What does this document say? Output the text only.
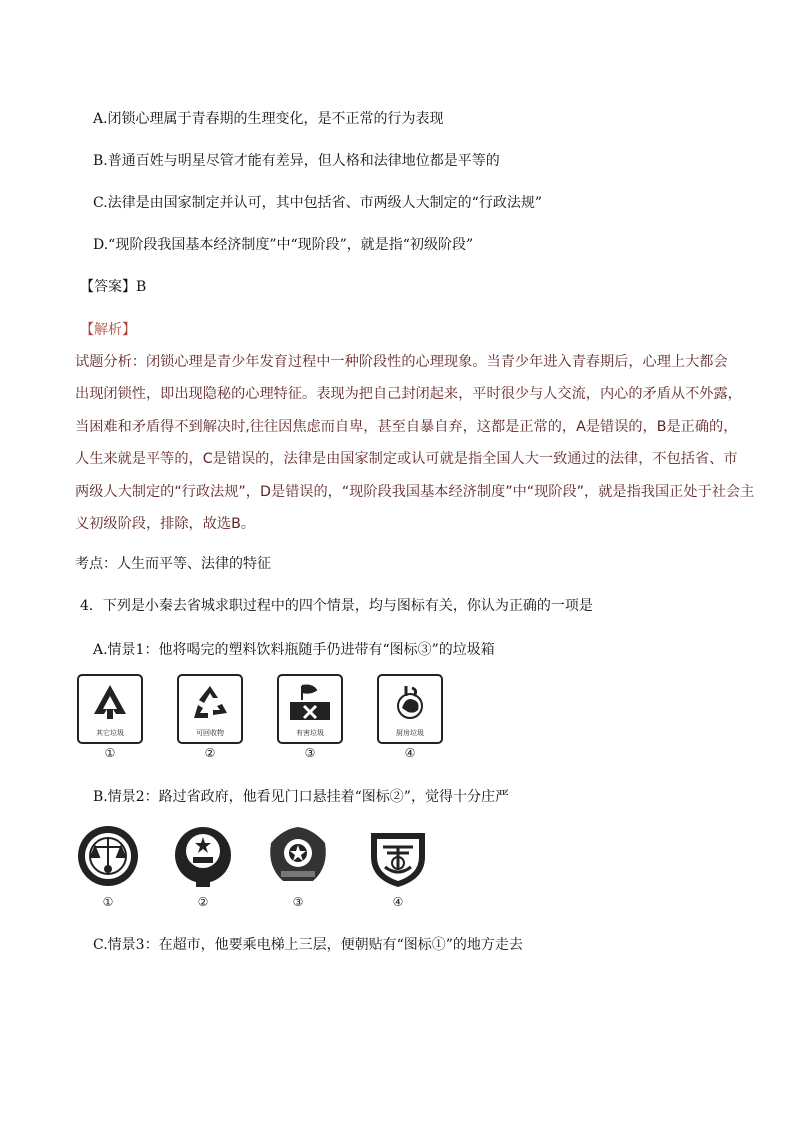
A.闭锁心理属于青春期的生理变化，是不正常的行为表现
B.普通百姓与明星尽管才能有差异，但人格和法律地位都是平等的
C.法律是由国家制定并认可，其中包括省、市两级人大制定的“行政法规”
D.“现阶段我国基本经济制度”中“现阶段”，就是指“初级阶段”
【答案】B
【解析】

试题分析：闭锁心理是青少年发育过程中一种阶段性的心理现象。当青少年进入青春期后，心理上大都会

出现闭锁性，即出现隐秘的心理特征。表现为把自己封闭起来，平时很少与人交流，内心的矛盾从不外露，

当困难和矛盾得不到解决时,往往因焦虑而自卑，甚至自暴自弃，这都是正常的，A是错误的，B是正确的，

人生来就是平等的，C是错误的，法律是由国家制定或认可就是指全国人大一致通过的法律，不包括省、市

两级人大制定的“行政法规”，D是错误的，“现阶段我国基本经济制度”中“现阶段”，就是指我国正处于社会主

义初级阶段，排除，故选B。

考点：人生而平等、法律的特征
4．下列是小秦去省城求职过程中的四个情景，均与图标有关，你认为正确的一项是
A.情景1：他将喝完的塑料饮料瓶随手仍进带有“图标③”的垃圾箱
其它垃圾
①
可回收物
②
有害垃圾
③
厨房垃圾
④
B.情景2：路过省政府，他看见门口悬挂着“图标②”，觉得十分庄严
①	②	③	④
C.情景3：在超市，他要乘电梯上三层，便朝贴有“图标①”的地方走去
